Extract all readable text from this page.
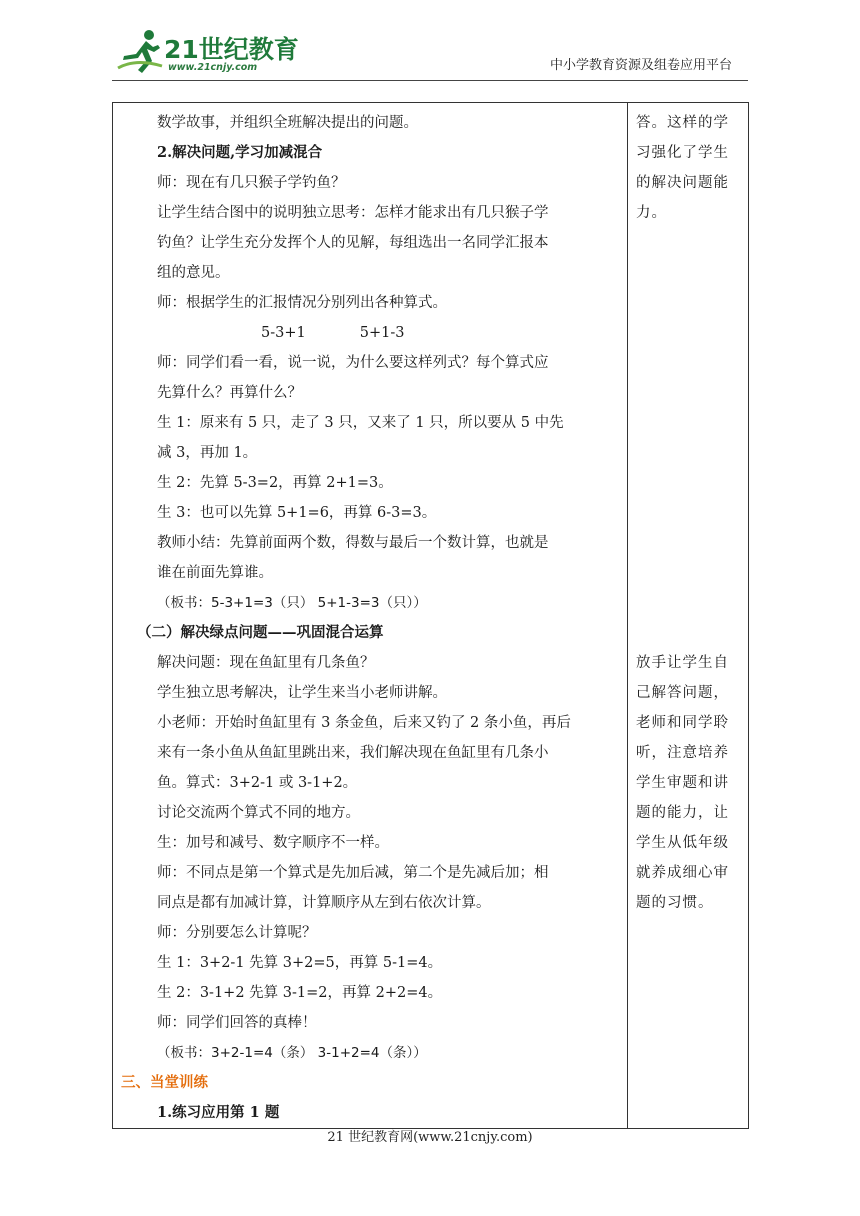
21世纪教育
www.21cnjy.com	中小学教育资源及组卷应用平台
数学故事，并组织全班解决提出的问题。
2.解决问题,学习加减混合
师：现在有几只猴子学钓鱼？
让学生结合图中的说明独立思考：怎样才能求出有几只猴子学
钓鱼？让学生充分发挥个人的见解，每组选出一名同学汇报本
组的意见。
师：根据学生的汇报情况分别列出各种算式。
5-3+1	5+1-3
师：同学们看一看，说一说，为什么要这样列式？每个算式应
先算什么？再算什么？
生 1：原来有 5 只，走了 3 只，又来了 1 只，所以要从 5 中先
减 3，再加 1。
生 2：先算 5-3=2，再算 2+1=3。
生 3：也可以先算 5+1=6，再算 6-3=3。
教师小结：先算前面两个数，得数与最后一个数计算，也就是
谁在前面先算谁。
（板书：5-3+1=3（只） 5+1-3=3（只））
（二）解决绿点问题——巩固混合运算
解决问题：现在鱼缸里有几条鱼？
学生独立思考解决，让学生来当小老师讲解。
小老师：开始时鱼缸里有 3 条金鱼，后来又钓了 2 条小鱼，再后
来有一条小鱼从鱼缸里跳出来，我们解决现在鱼缸里有几条小
鱼。算式：3+2-1 或 3-1+2。
讨论交流两个算式不同的地方。
生：加号和减号、数字顺序不一样。
师：不同点是第一个算式是先加后减，第二个是先减后加；相
同点是都有加减计算，计算顺序从左到右依次计算。
师：分别要怎么计算呢？
生 1：3+2-1 先算 3+2=5，再算 5-1=4。
生 2：3-1+2 先算 3-1=2，再算 2+2=4。
师：同学们回答的真棒！
（板书：3+2-1=4（条） 3-1+2=4（条））
三、当堂训练
1.练习应用第 1 题

答。这样的学
习强化了学生
的解决问题能
力。
放手让学生自
己解答问题，
老师和同学聆
听，注意培养
学生审题和讲
题的能力，让
学生从低年级
就养成细心审
题的习惯。
21 世纪教育网(www.21cnjy.com)
